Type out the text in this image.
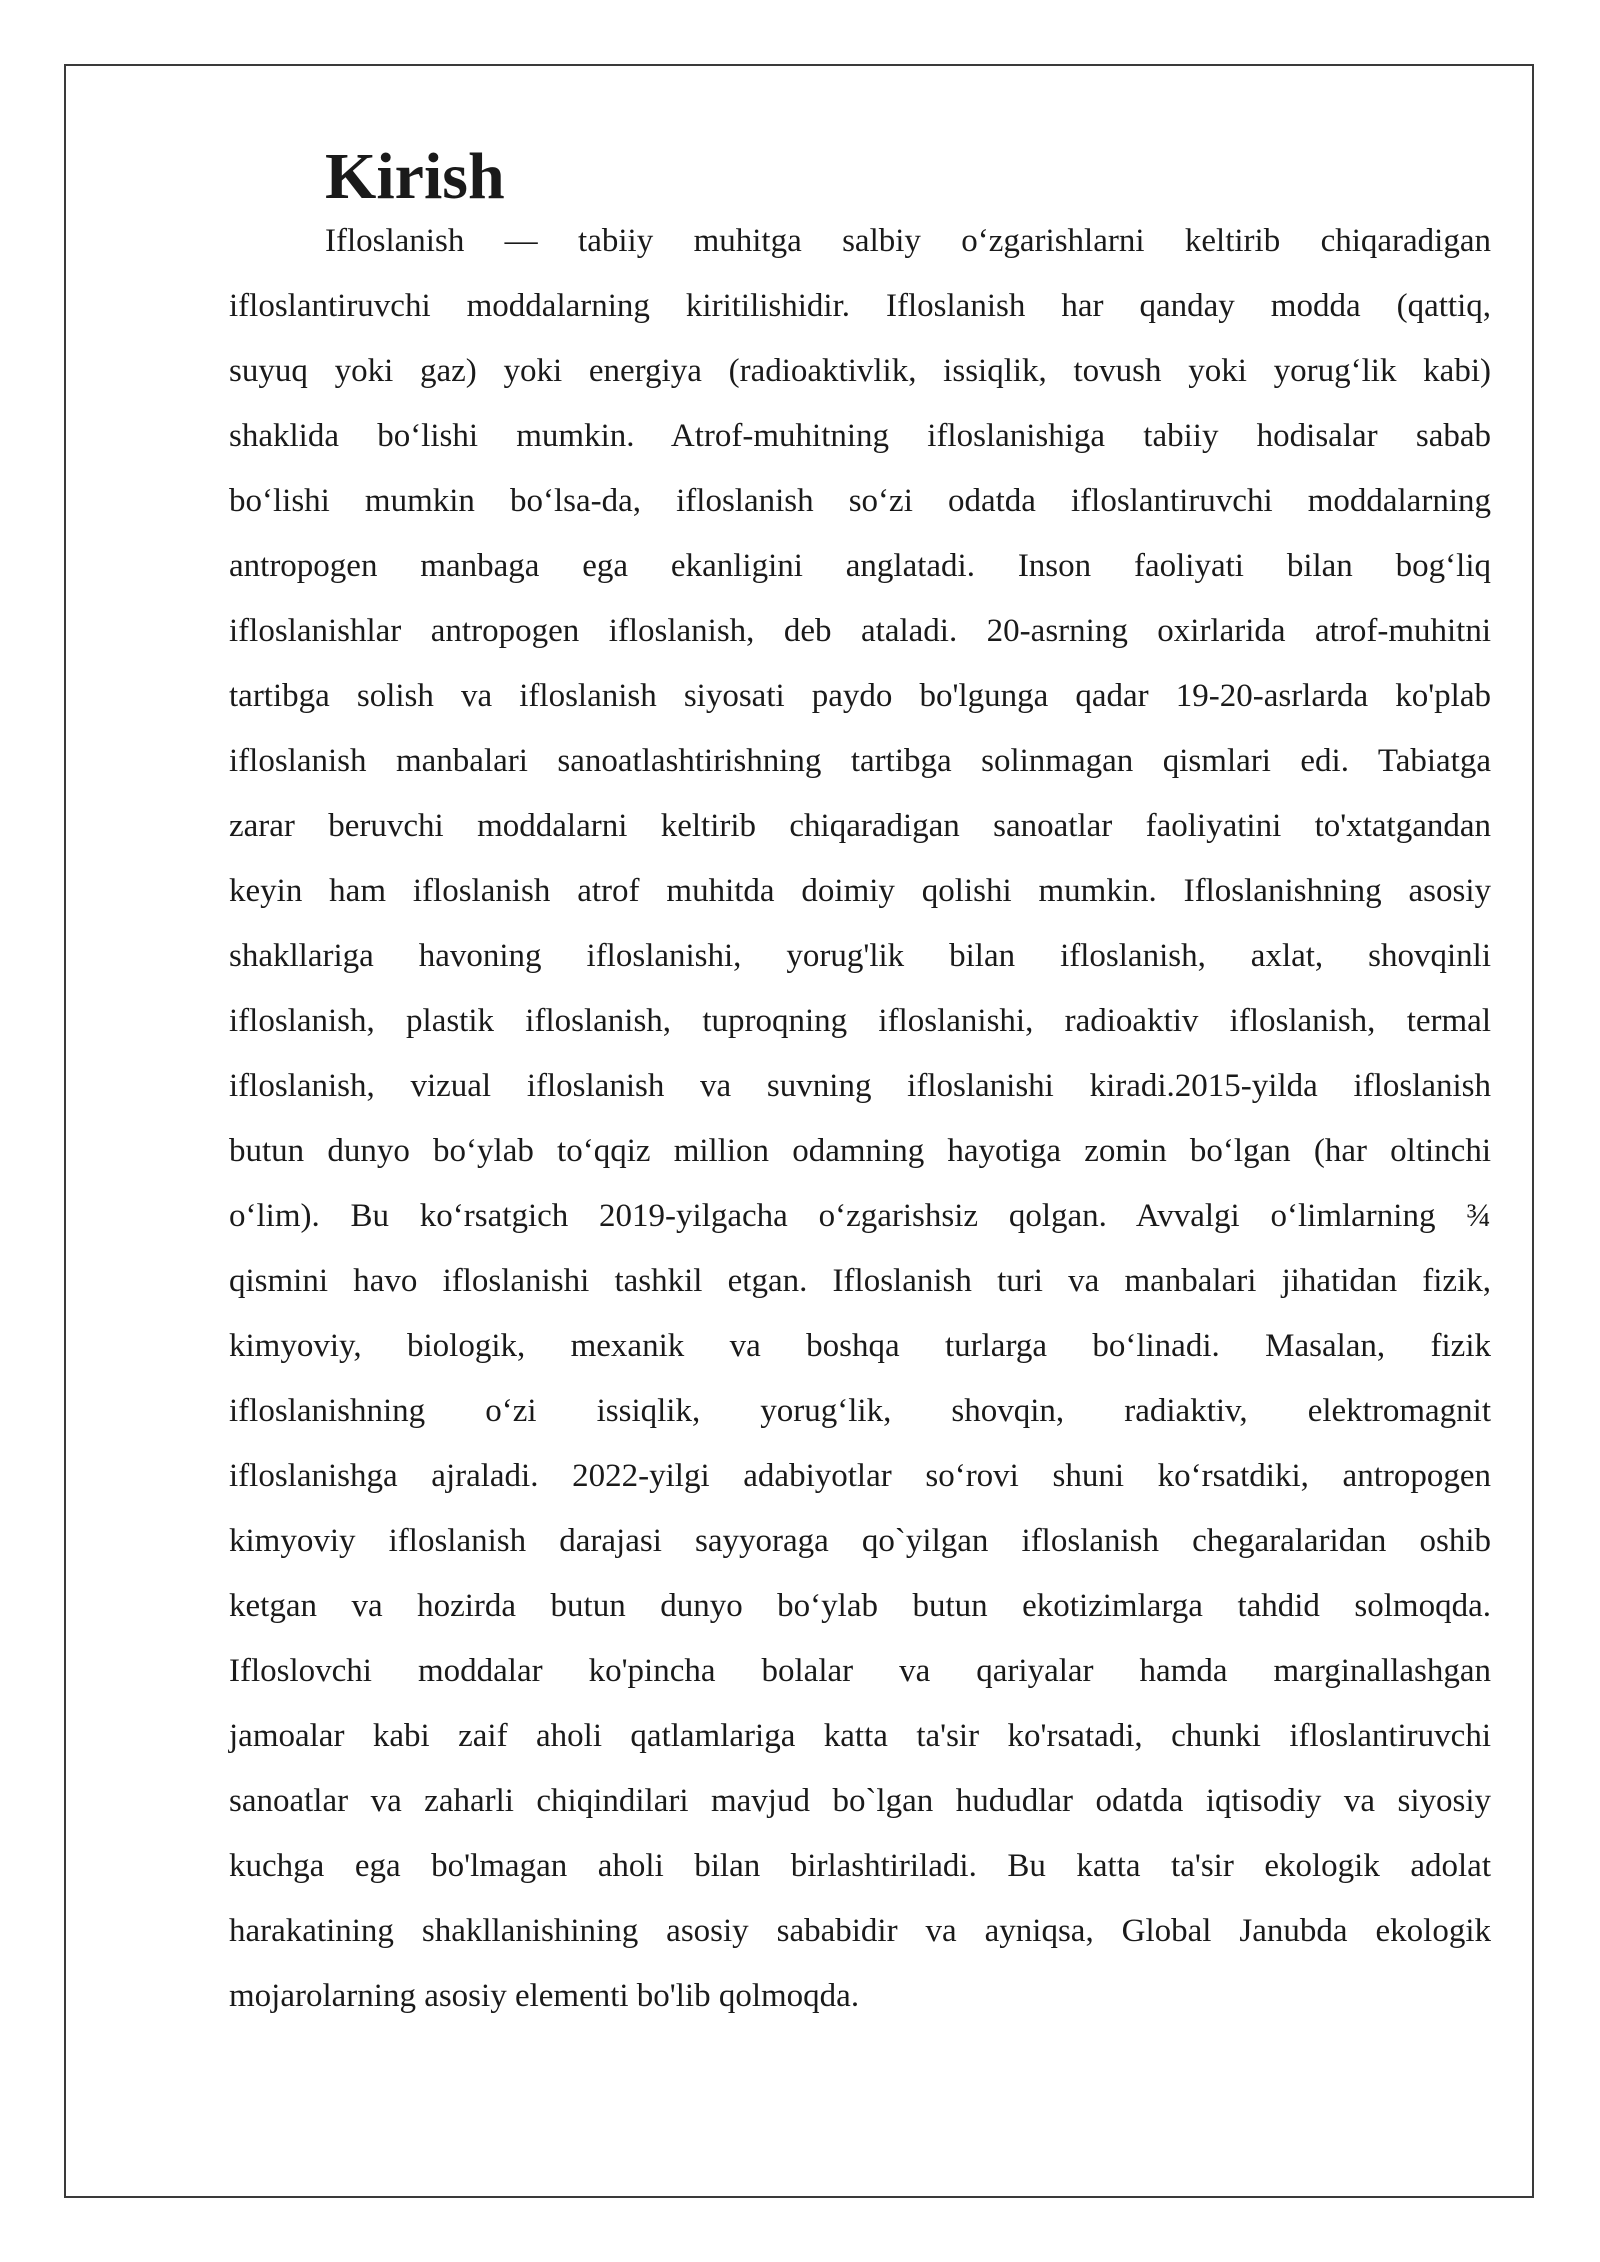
Kirish
Ifloslanish — tabiiy muhitga salbiy o‘zgarishlarni keltirib chiqaradigan
ifloslantiruvchi moddalarning kiritilishidir. Ifloslanish har qanday modda (qattiq,
suyuq yoki gaz) yoki energiya (radioaktivlik, issiqlik, tovush yoki yorug‘lik kabi)
shaklida bo‘lishi mumkin. Atrof-muhitning ifloslanishiga tabiiy hodisalar sabab
bo‘lishi mumkin bo‘lsa-da, ifloslanish so‘zi odatda ifloslantiruvchi moddalarning
antropogen manbaga ega ekanligini anglatadi. Inson faoliyati bilan bog‘liq
ifloslanishlar antropogen ifloslanish, deb ataladi. 20-asrning oxirlarida atrof-muhitni
tartibga solish va ifloslanish siyosati paydo bo'lgunga qadar 19-20-asrlarda ko'plab
ifloslanish manbalari sanoatlashtirishning tartibga solinmagan qismlari edi. Tabiatga
zarar beruvchi moddalarni keltirib chiqaradigan sanoatlar faoliyatini to'xtatgandan
keyin ham ifloslanish atrof muhitda doimiy qolishi mumkin. Ifloslanishning asosiy
shakllariga havoning ifloslanishi, yorug'lik bilan ifloslanish, axlat, shovqinli
ifloslanish, plastik ifloslanish, tuproqning ifloslanishi, radioaktiv ifloslanish, termal
ifloslanish, vizual ifloslanish va suvning ifloslanishi kiradi.2015-yilda ifloslanish
butun dunyo bo‘ylab to‘qqiz million odamning hayotiga zomin bo‘lgan (har oltinchi
o‘lim). Bu ko‘rsatgich 2019-yilgacha o‘zgarishsiz qolgan. Avvalgi o‘limlarning ¾
qismini havo ifloslanishi tashkil etgan. Ifloslanish turi va manbalari jihatidan fizik,
kimyoviy, biologik, mexanik va boshqa turlarga bo‘linadi. Masalan, fizik
ifloslanishning o‘zi issiqlik, yorug‘lik, shovqin, radiaktiv, elektromagnit
ifloslanishga ajraladi. 2022-yilgi adabiyotlar so‘rovi shuni ko‘rsatdiki, antropogen
kimyoviy ifloslanish darajasi sayyoraga qo`yilgan ifloslanish chegaralaridan oshib
ketgan va hozirda butun dunyo bo‘ylab butun ekotizimlarga tahdid solmoqda.
Ifloslovchi moddalar ko'pincha bolalar va qariyalar hamda marginallashgan
jamoalar kabi zaif aholi qatlamlariga katta ta'sir ko'rsatadi, chunki ifloslantiruvchi
sanoatlar va zaharli chiqindilari mavjud bo`lgan hududlar odatda iqtisodiy va siyosiy
kuchga ega bo'lmagan aholi bilan birlashtiriladi. Bu katta ta'sir ekologik adolat
harakatining shakllanishining asosiy sababidir va ayniqsa, Global Janubda ekologik
mojarolarning asosiy elementi bo'lib qolmoqda.
